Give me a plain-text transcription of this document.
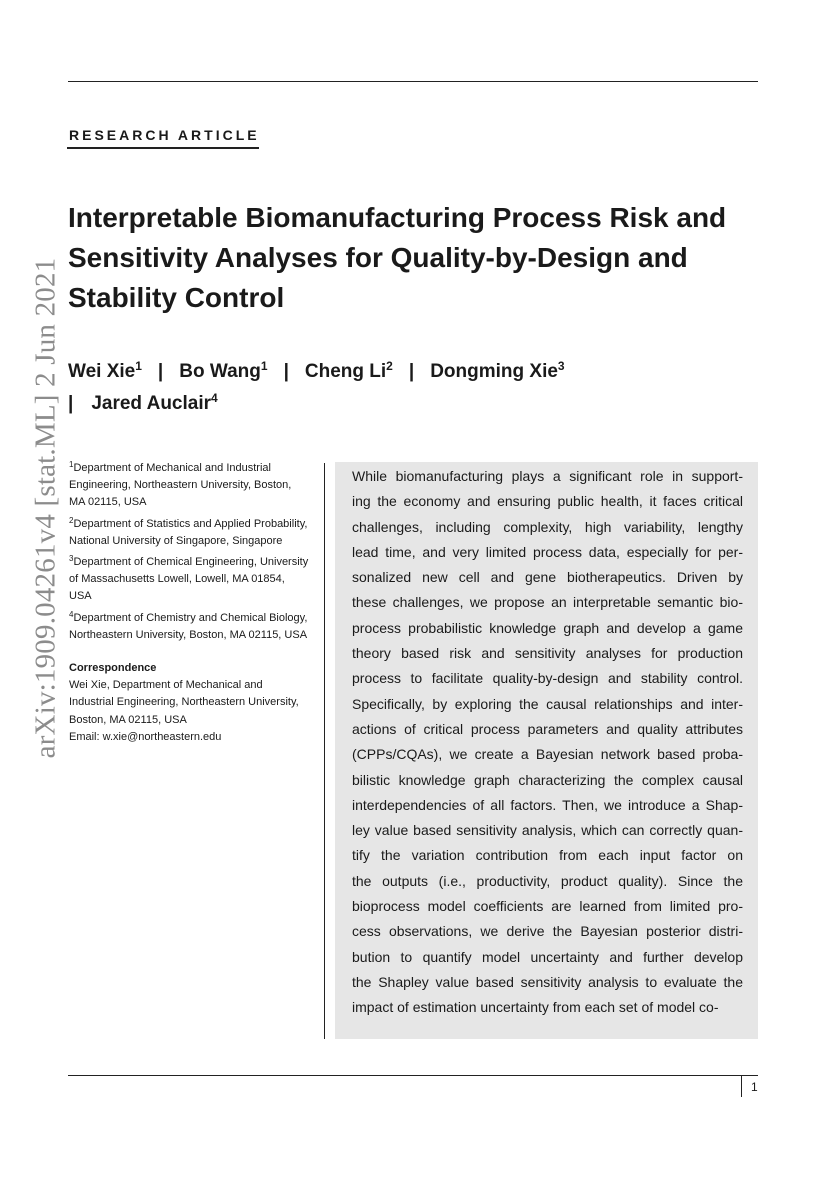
RESEARCH ARTICLE
arXiv:1909.04261v4 [stat.ML] 2 Jun 2021
Interpretable Biomanufacturing Process Risk and
Sensitivity Analyses for Quality-by-Design and
Stability Control
Wei Xie$^1$ | Bo Wang$^1$ | Cheng Li$^2$ | Dongming Xie$^3$
| Jared Auclair$^4$
$^1$Department of Mechanical and Industrial Engineering, Northeastern University, Boston, MA 02115, USA
$^2$Department of Statistics and Applied Probability, National University of Singapore, Singapore
$^3$Department of Chemical Engineering, University of Massachusetts Lowell, Lowell, MA 01854, USA
$^4$Department of Chemistry and Chemical Biology, Northeastern University, Boston, MA 02115, USA
Correspondence
Wei Xie, Department of Mechanical and Industrial Engineering, Northeastern University, Boston, MA 02115, USA
Email: w.xie@northeastern.edu
While biomanufacturing plays a significant role in support-
ing the economy and ensuring public health, it faces critical
challenges, including complexity, high variability, lengthy
lead time, and very limited process data, especially for per-
sonalized new cell and gene biotherapeutics. Driven by
these challenges, we propose an interpretable semantic bio-
process probabilistic knowledge graph and develop a game
theory based risk and sensitivity analyses for production
process to facilitate quality-by-design and stability control.
Specifically, by exploring the causal relationships and inter-
actions of critical process parameters and quality attributes
(CPPs/CQAs), we create a Bayesian network based proba-
bilistic knowledge graph characterizing the complex causal
interdependencies of all factors. Then, we introduce a Shap-
ley value based sensitivity analysis, which can correctly quan-
tify the variation contribution from each input factor on
the outputs (i.e., productivity, product quality). Since the
bioprocess model coefficients are learned from limited pro-
cess observations, we derive the Bayesian posterior distri-
bution to quantify model uncertainty and further develop
the Shapley value based sensitivity analysis to evaluate the
impact of estimation uncertainty from each set of model co-
1
